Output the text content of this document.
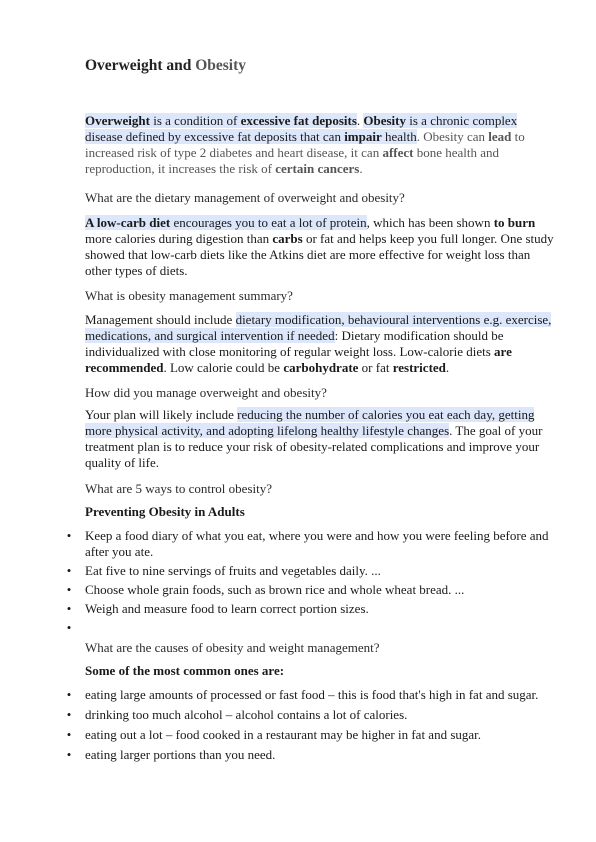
Overweight and Obesity

Overweight is a condition of excessive fat deposits. Obesity is a chronic complex disease defined by excessive fat deposits that can impair health. Obesity can lead to increased risk of type 2 diabetes and heart disease, it can affect bone health and reproduction, it increases the risk of certain cancers.

What are the dietary management of overweight and obesity?

A low-carb diet encourages you to eat a lot of protein, which has been shown to burn more calories during digestion than carbs or fat and helps keep you full longer. One study showed that low-carb diets like the Atkins diet are more effective for weight loss than other types of diets.

What is obesity management summary?

Management should include dietary modification, behavioural interventions e.g. exercise, medications, and surgical intervention if needed: Dietary modification should be individualized with close monitoring of regular weight loss. Low-calorie diets are recommended. Low calorie could be carbohydrate or fat restricted.

How did you manage overweight and obesity?

Your plan will likely include reducing the number of calories you eat each day, getting more physical activity, and adopting lifelong healthy lifestyle changes. The goal of your treatment plan is to reduce your risk of obesity-related complications and improve your quality of life.

What are 5 ways to control obesity?
Preventing Obesity in Adults
• Keep a food diary of what you eat, where you were and how you were feeling before and after you ate.
• Eat five to nine servings of fruits and vegetables daily. ...
• Choose whole grain foods, such as brown rice and whole wheat bread. ...
• Weigh and measure food to learn correct portion sizes.
•
What are the causes of obesity and weight management?
Some of the most common ones are:
• eating large amounts of processed or fast food – this is food that's high in fat and sugar.
• drinking too much alcohol – alcohol contains a lot of calories.
• eating out a lot – food cooked in a restaurant may be higher in fat and sugar.
• eating larger portions than you need.
